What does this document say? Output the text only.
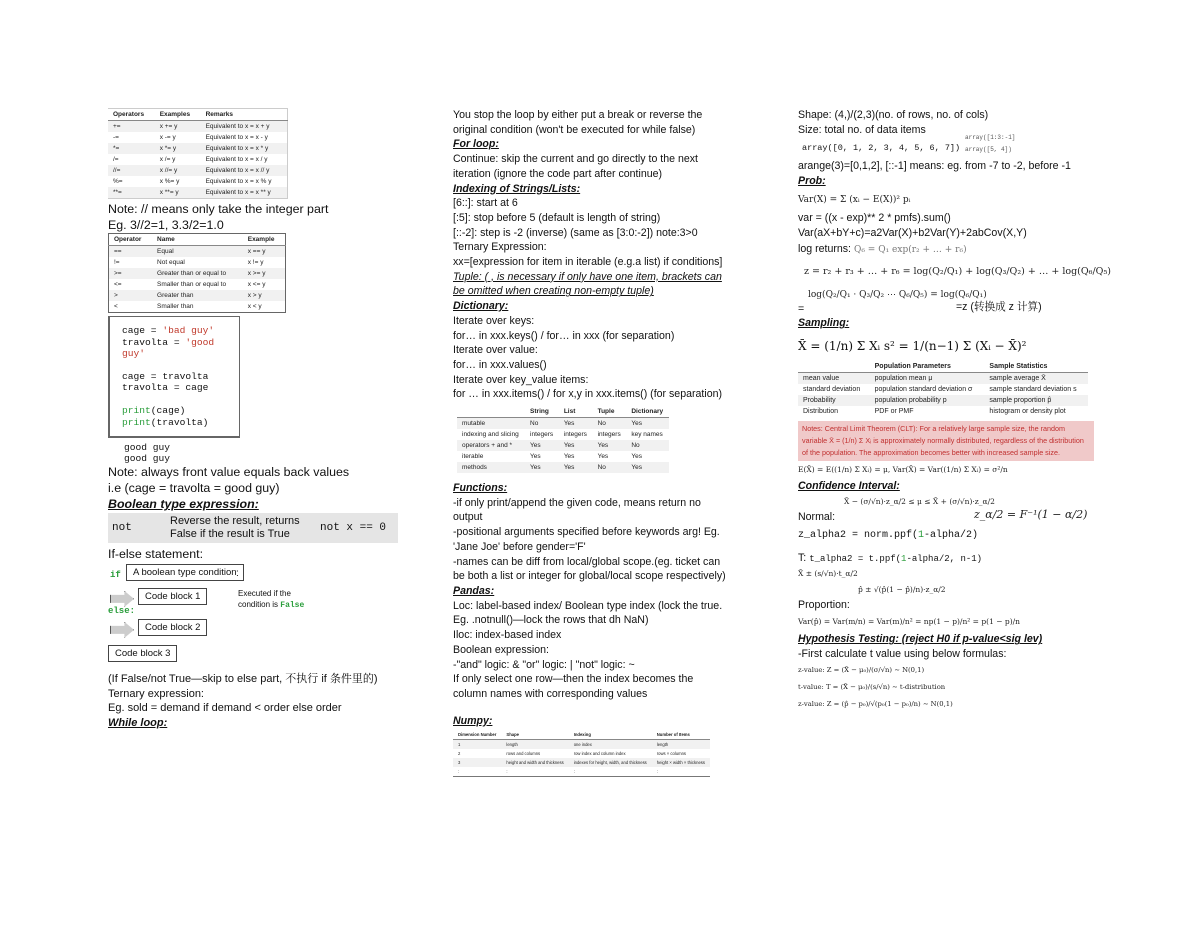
Operators	Examples	Remarks
+=	x += y	Equivalent to x = x + y
-=	x -= y	Equivalent to x = x - y
*=	x *= y	Equivalent to x = x * y
/=	x /= y	Equivalent to x = x / y
//=	x //= y	Equivalent to x = x // y
%=	x %= y	Equivalent to x = x % y
**=	x **= y	Equivalent to x = x ** y
Note: // means only take the integer part
Eg. 3//2=1, 3.3/2=1.0
Operator	Name	Example
==	Equal	x == y
!=	Not equal	x != y
>=	Greater than or equal to	x >= y
<=	Smaller than or equal to	x <= y
>	Greater than	x > y
<	Smaller than	x < y
cage = 'bad guy'
travolta = 'good guy'

cage = travolta
travolta = cage

print(cage)
print(travolta)
good guy
good guy
Note: always front value equals back values
i.e (cage = travolta = good guy)
Boolean type expression:
not
Reverse the result, returns
False if the result is True	not x == 0
If-else statement:
if	A boolean type condition :
Code block 1	Executed if the
condition is False
else:
Code block 2
Code block 3
(If False/not True—skip to else part, 不执行 if 条件里的)
Ternary expression:
Eg. sold = demand if demand < order else order
While loop:
You stop the loop by either put a break or reverse the
original condition (won't be executed for while false)
For loop:
Continue: skip the current and go directly to the next
iteration (ignore the code part after continue)
Indexing of Strings/Lists:
[6::]: start at 6
[:5]: stop before 5 (default is length of string)
[::-2]: step is -2 (inverse) (same as [3:0:-2]) note:3>0
Ternary Expression:
xx=[expression for item in iterable (e.g.a list) if conditions]
Tuple: ( , is necessary if only have one item, brackets can
be omitted when creating non-empty tuple)
Dictionary:
Iterate over keys:
for… in xxx.keys() / for… in xxx (for separation)
Iterate over value:
for… in xxx.values()
Iterate over key_value items:
for … in xxx.items() / for x,y in xxx.items() (for separation)
	String	List	Tuple	Dictionary
mutable	No	Yes	No	Yes
indexing and slicing	integers	integers	integers	key names
operators + and *	Yes	Yes	Yes	No
iterable	Yes	Yes	Yes	Yes
methods	Yes	Yes	No	Yes
Functions:
-if only print/append the given code, means return no
output
-positional arguments specified before keywords arg! Eg.
'Jane Joe' before gender='F'
-names can be diff from local/global scope.(eg. ticket can
be both a list or integer for global/local scope respectively)
Pandas:
Loc: label-based index/ Boolean type index (lock the true.
Eg. .notnull()—lock the rows that dh NaN)
Iloc: index-based index
Boolean expression:
-"and" logic: & "or" logic: | "not" logic: ~
If only select one row—then the index becomes the
column names with corresponding values
Numpy:
Dimension Number	Shape	Indexing	Number of Items
1	length	one index	length
2	rows and columns	row index and column index	rows × columns
3	height and width and thickness	indexes for height, width, and thickness	height × width × thickness
:	:	:	:
Shape: (4,)/(2,3)(no. of rows, no. of cols)
Size: total no. of data items
array([0, 1, 2, 3, 4, 5, 6, 7])
array([1:3:-1]
array([5, 4])
arange(3)=[0,1,2], [::-1] means: eg. from -7 to -2, before -1
Prob:
Var(X) = Σ (xᵢ − E(X))² pᵢ
var = ((x - exp)** 2 * pmfs).sum()
Var(aX+bY+c)=a2Var(X)+b2Var(Y)+2abCov(X,Y)
log returns: Q₆ = Q₁ exp(r₂ + … + r₆)
z = r₂ + r₃ + … + r₆ = log(Q₂/Q₁) + log(Q₃/Q₂) + … + log(Q₆/Q₅)
log(Q₂/Q₁ · Q₃/Q₂ ⋯ Q₆/Q₅) = log(Q₆/Q₁)
=	=z (转换成 z 计算)
Sampling:
X̄ = (1/n) Σ Xᵢ s² = 1/(n−1) Σ (Xᵢ − X̄)²
	Population Parameters	Sample Statistics
mean value	population mean μ	sample average X̄
standard deviation	population standard deviation σ	sample standard deviation s
Probability	population probability p	sample proportion p̂
Distribution	PDF or PMF	histogram or density plot
Notes: Central Limit Theorem (CLT): For a relatively large sample size, the random variable X̄ = (1/n) Σ Xᵢ is approximately normally distributed, regardless of the distribution of the population. The approximation becomes better with increased sample size.
E(X̄) = E((1/n) Σ Xᵢ) = μ, Var(X̄) = Var((1/n) Σ Xᵢ) = σ²/n
Confidence Interval:
Normal:
X̄ − (σ/√n)·z_α/2 ≤ μ ≤ X̄ + (σ/√n)·z_α/2
z_α/2 = F⁻¹(1 − α/2)
z_alpha2 = norm.ppf(1-alpha/2)
T: t_alpha2 = t.ppf(1-alpha/2, n-1)
X̄ ± (s/√n)·t_α/2
p̂ ± √(p̂(1 − p̂)/n)·z_α/2
Proportion:
Var(p̂) = Var(m/n) = Var(m)/n² = np(1 − p)/n² = p(1 − p)/n
Hypothesis Testing: (reject H0 if p-value<sig lev)
-First calculate t value using below formulas:
z-value: Z = (X̄ − μ₀)/(σ/√n) ∼ N(0,1)
t-value: T = (X̄ − μ₀)/(s/√n) ∼ t-distribution
z-value: Z = (p̂ − p₀)/√(p₀(1 − p₀)/n) ∼ N(0,1)
